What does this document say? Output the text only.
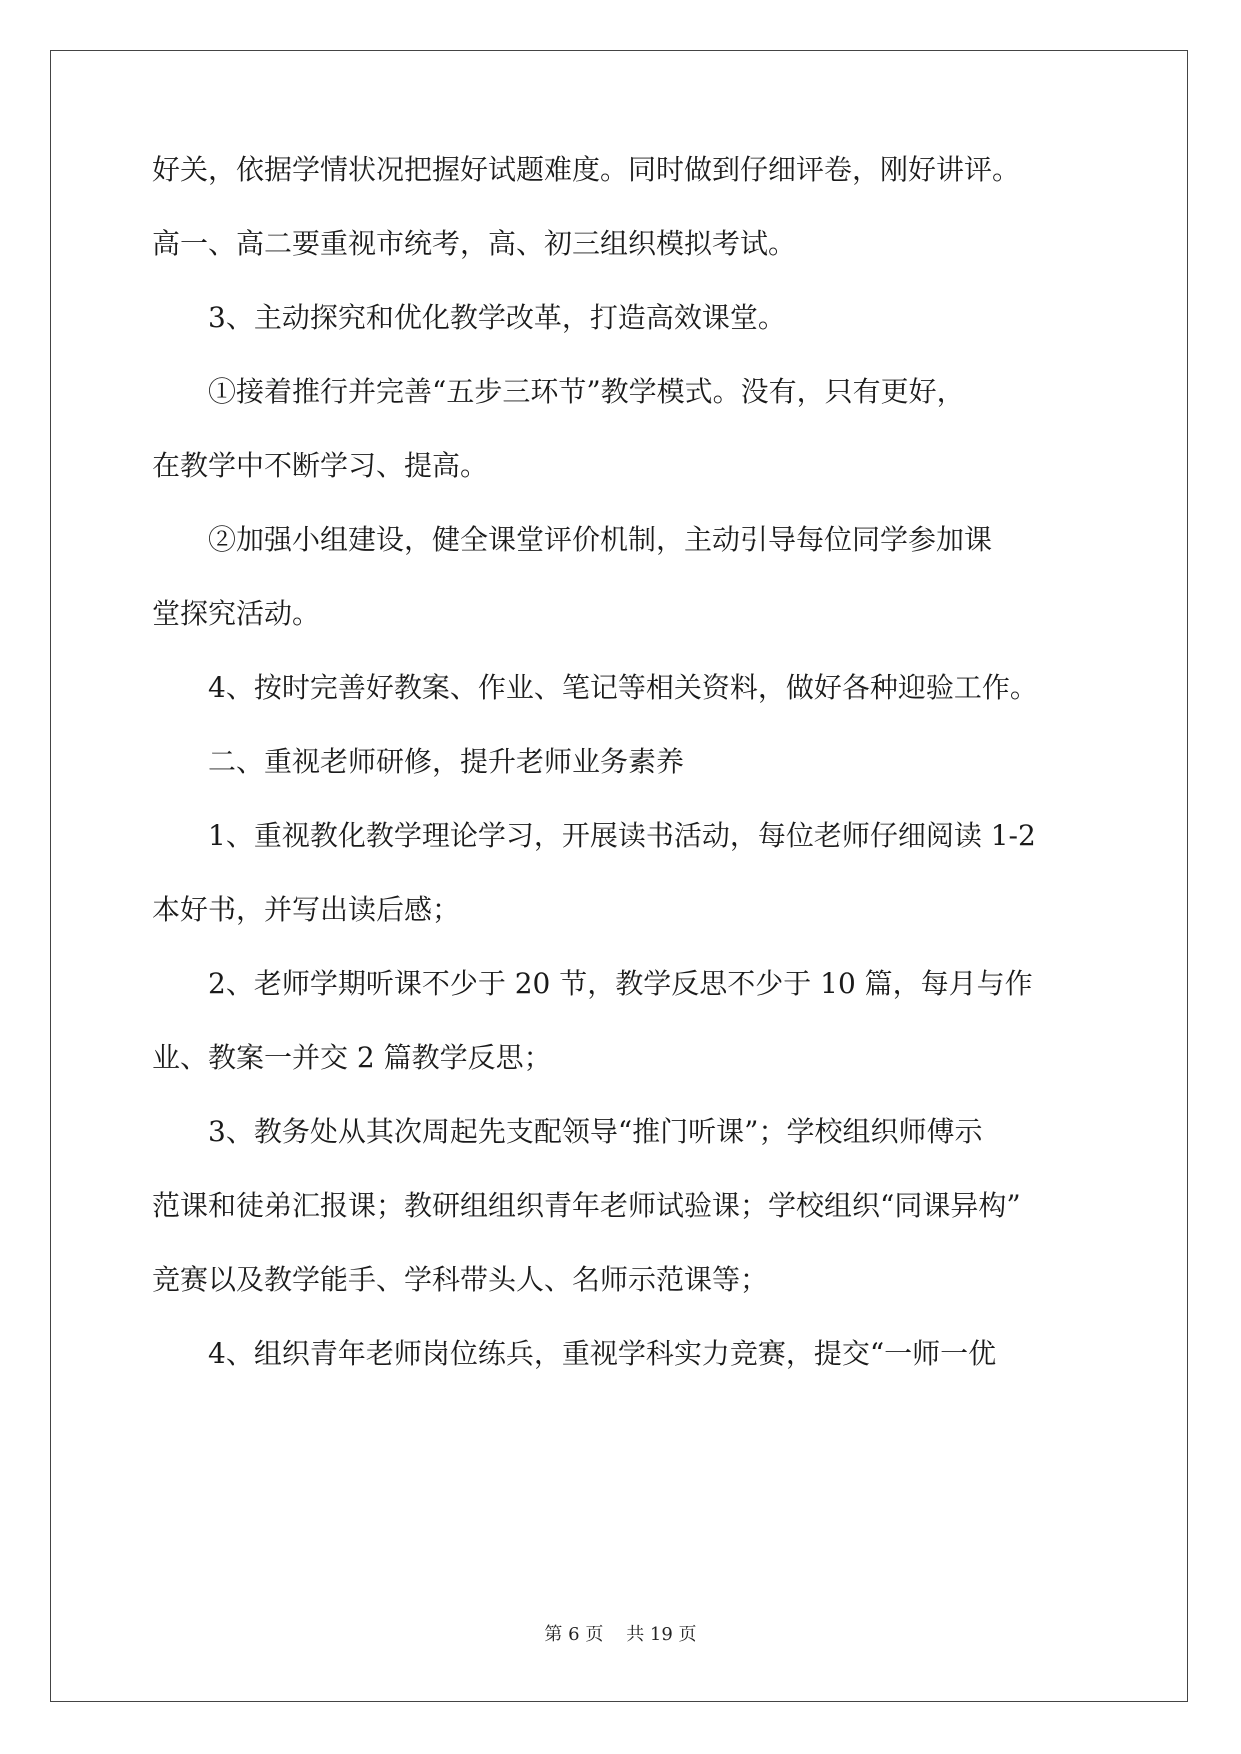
好关，依据学情状况把握好试题难度。同时做到仔细评卷，刚好讲评。
高一、高二要重视市统考，高、初三组织模拟考试。
3、主动探究和优化教学改革，打造高效课堂。
①接着推行并完善“五步三环节”教学模式。没有，只有更好，
在教学中不断学习、提高。
②加强小组建设，健全课堂评价机制，主动引导每位同学参加课
堂探究活动。
4、按时完善好教案、作业、笔记等相关资料，做好各种迎验工作。
二、重视老师研修，提升老师业务素养
1、重视教化教学理论学习，开展读书活动，每位老师仔细阅读 1-2
本好书，并写出读后感；
2、老师学期听课不少于 20 节，教学反思不少于 10 篇，每月与作
业、教案一并交 2 篇教学反思；
3、教务处从其次周起先支配领导“推门听课”；学校组织师傅示
范课和徒弟汇报课；教研组组织青年老师试验课；学校组织“同课异构”
竞赛以及教学能手、学科带头人、名师示范课等；
4、组织青年老师岗位练兵，重视学科实力竞赛，提交“一师一优
第 6 页    共 19 页
